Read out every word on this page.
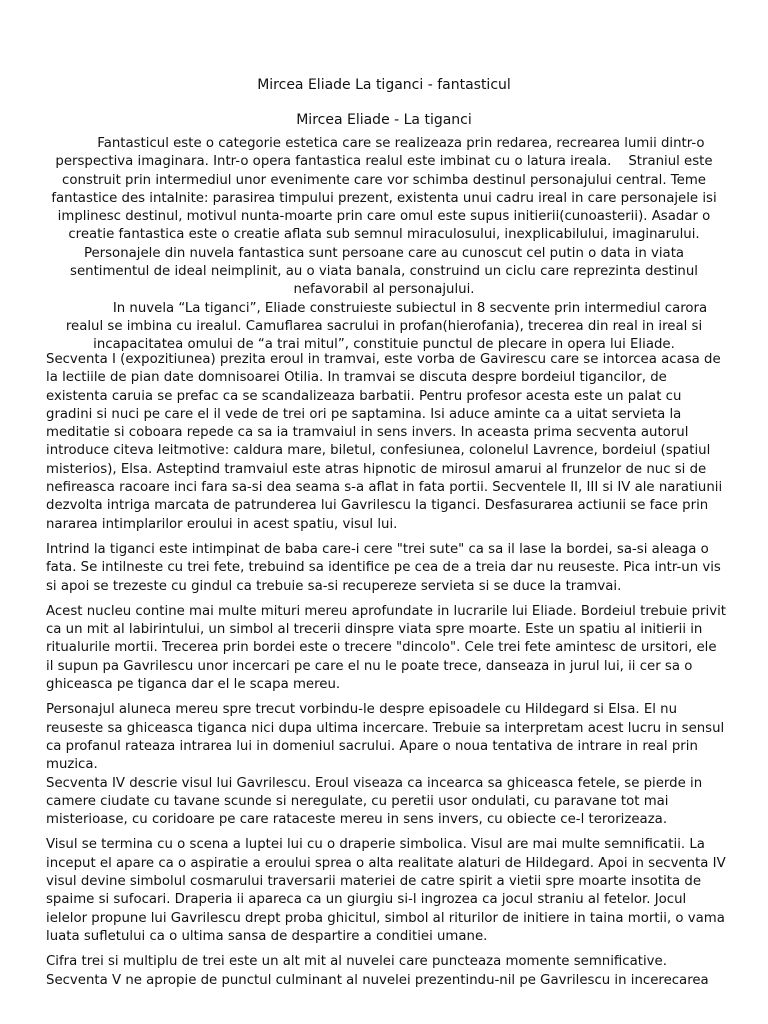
Mircea Eliade La tiganci - fantasticul
Mircea Eliade - La tiganci

Fantasticul este o categorie estetica care se realizeaza prin redarea, recrearea lumii dintr-o perspectiva imaginara. Intr-o opera fantastica realul este imbinat cu o latura ireala.    Straniul este construit prin intermediul unor evenimente care vor schimba destinul personajului central. Teme fantastice des intalnite: parasirea timpului prezent, existenta unui cadru ireal in care personajele isi implinesc destinul, motivul nunta-moarte prin care omul este supus initierii(cunoasterii). Asadar o creatie fantastica este o creatie aflata sub semnul miraculosului, inexplicabilului, imaginarului.

Personajele din nuvela fantastica sunt persoane care au cunoscut cel putin o data in viata sentimentul de ideal neimplinit, au o viata banala, construind un ciclu care reprezinta destinul nefavorabil al personajului.

In nuvela “La tiganci”, Eliade construieste subiectul in 8 secvente prin intermediul carora realul se imbina cu irealul. Camuflarea sacrului in profan(hierofania), trecerea din real in ireal si incapacitatea omului de “a trai mitul”, constituie punctul de plecare in opera lui Eliade.

Secventa I (expozitiunea) prezita eroul in tramvai, este vorba de Gavirescu care se intorcea acasa de la lectiile de pian date domnisoarei Otilia. In tramvai se discuta despre bordeiul tigancilor, de existenta caruia se prefac ca se scandalizeaza barbatii. Pentru profesor acesta este un palat cu gradini si nuci pe care el il vede de trei ori pe saptamina. Isi aduce aminte ca a uitat servieta la meditatie si coboara repede ca sa ia tramvaiul in sens invers. In aceasta prima secventa autorul introduce citeva leitmotive: caldura mare, biletul, confesiunea, colonelul Lavrence, bordeiul (spatiul misterios), Elsa. Asteptind tramvaiul este atras hipnotic de mirosul amarui al frunzelor de nuc si de nefireasca racoare inci fara sa-si dea seama s-a aflat in fata portii. Secventele II, III si IV ale naratiunii dezvolta intriga marcata de patrunderea lui Gavrilescu la tiganci. Desfasurarea actiunii se face prin nararea intimplarilor eroului in acest spatiu, visul lui.

Intrind la tiganci este intimpinat de baba care-i cere "trei sute" ca sa il lase la bordei, sa-si aleaga o fata. Se intilneste cu trei fete, trebuind sa identifice pe cea de a treia dar nu reuseste. Pica intr-un vis si apoi se trezeste cu gindul ca trebuie sa-si recupereze servieta si se duce la tramvai.

Acest nucleu contine mai multe mituri mereu aprofundate in lucrarile lui Eliade. Bordeiul trebuie privit ca un mit al labirintului, un simbol al trecerii dinspre viata spre moarte. Este un spatiu al initierii in ritualurile mortii. Trecerea prin bordei este o trecere "dincolo". Cele trei fete amintesc de ursitori, ele il supun pa Gavrilescu unor incercari pe care el nu le poate trece, danseaza in jurul lui, ii cer sa o ghiceasca pe tiganca dar el le scapa mereu.

Personajul aluneca mereu spre trecut vorbindu-le despre episoadele cu Hildegard si Elsa. El nu reuseste sa ghiceasca tiganca nici dupa ultima incercare. Trebuie sa interpretam acest lucru in sensul ca profanul rateaza intrarea lui in domeniul sacrului. Apare o noua tentativa de intrare in real prin muzica.

Secventa IV descrie visul lui Gavrilescu. Eroul viseaza ca incearca sa ghiceasca fetele, se pierde in camere ciudate cu tavane scunde si neregulate, cu peretii usor ondulati, cu paravane tot mai misterioase, cu coridoare pe care rataceste mereu in sens invers, cu obiecte ce-l terorizeaza.

Visul se termina cu o scena a luptei lui cu o draperie simbolica. Visul are mai multe semnificatii. La inceput el apare ca o aspiratie a eroului sprea o alta realitate alaturi de Hildegard. Apoi in secventa IV visul devine simbolul cosmarului traversarii materiei de catre spirit a vietii spre moarte insotita de spaime si sufocari. Draperia ii apareca ca un giurgiu si-l ingrozea ca jocul straniu al fetelor. Jocul ielelor propune lui Gavrilescu drept proba ghicitul, simbol al riturilor de initiere in taina mortii, o vama luata sufletului ca o ultima sansa de despartire a conditiei umane.

Cifra trei si multiplu de trei este un alt mit al nuvelei care puncteaza momente semnificative. Secventa V ne apropie de punctul culminant al nuvelei prezentindu-nil pe Gavrilescu in incerecarea
